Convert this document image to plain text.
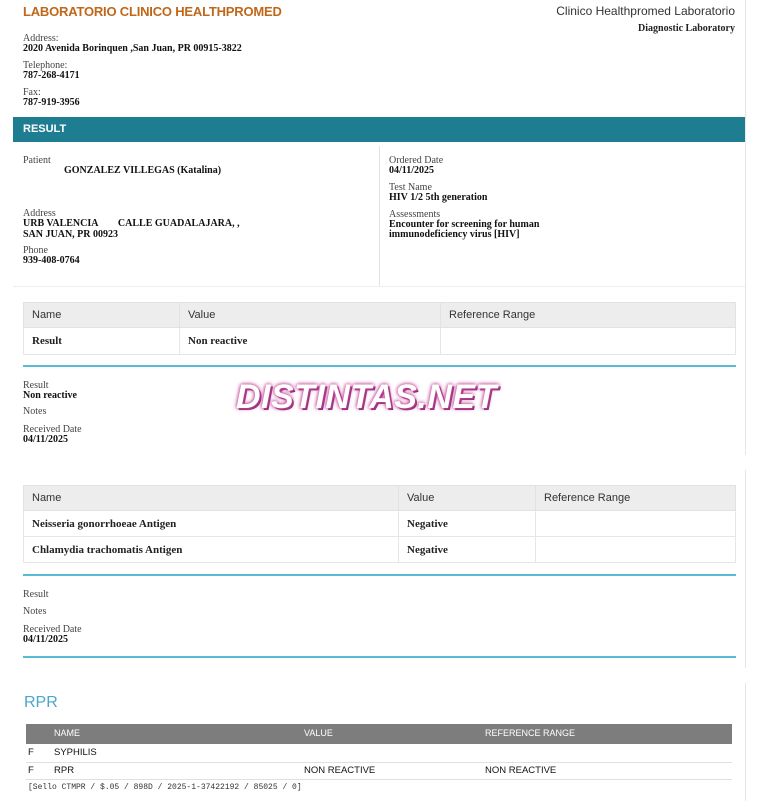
LABORATORIO CLINICO HEALTHPROMED	Clinico Healthpromed Laboratorio
Diagnostic Laboratory
Address:
2020 Avenida Borinquen ,San Juan, PR 00915-3822
Telephone:
787-268-4171
Fax:
787-919-3956
RESULT
Patient
GONZALEZ VILLEGAS (Katalina)
Address
URB VALENCIA        CALLE GUADALAJARA, ,
SAN JUAN, PR 00923
Phone
939-408-0764
Ordered Date
04/11/2025
Test Name
HIV 1/2 5th generation
Assessments
Encounter for screening for human
immunodeficiency virus [HIV]
Name	Value	Reference Range
Result	Non reactive	
Result
Non reactive
Notes
Received Date
04/11/2025
Name	Value	Reference Range
Neisseria gonorrhoeae Antigen	Negative	
Chlamydia trachomatis Antigen	Negative	
Result
Notes
Received Date
04/11/2025
RPR
NAME	VALUE	REFERENCE RANGE
F SYPHILIS
F RPR	NON REACTIVE	NON REACTIVE
[Sello CTMPR / $.05 / 898D / 2025-1-37422192 / 85025 / 0]
DISTINTAS.NET
